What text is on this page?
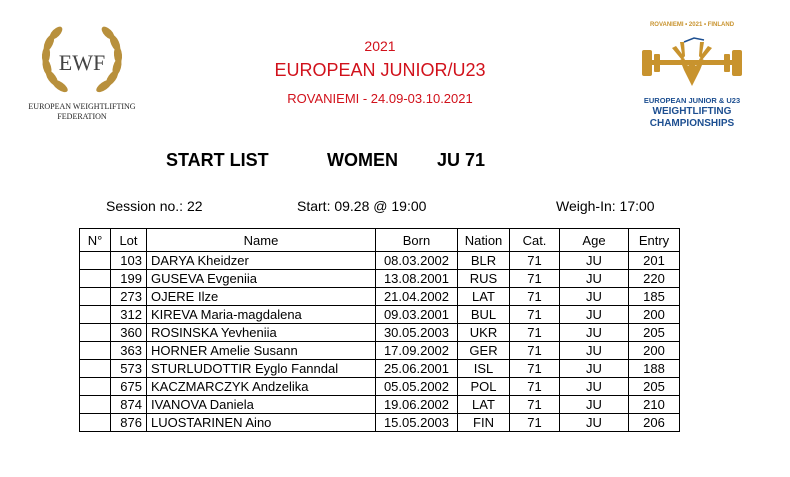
EWF
EUROPEAN WEIGHTLIFTING
FEDERATION
2021
EUROPEAN JUNIOR/U23
ROVANIEMI - 24.09-03.10.2021
ROVANIEMI • 2021 • FINLAND
EUROPEAN JUNIOR & U23
WEIGHTLIFTING
CHAMPIONSHIPS
START LIST	WOMEN JU 71
Session no.: 22	Start: 09.28 @ 19:00	Weigh-In: 17:00
N°	Lot	Name	Born	Nation	Cat.	Age	Entry
	103	DARYA Kheidzer	08.03.2002	BLR	71	JU	201
	199	GUSEVA Evgeniia	13.08.2001	RUS	71	JU	220
	273	OJERE Ilze	21.04.2002	LAT	71	JU	185
	312	KIREVA Maria-magdalena	09.03.2001	BUL	71	JU	200
	360	ROSINSKA Yevheniia	30.05.2003	UKR	71	JU	205
	363	HORNER Amelie Susann	17.09.2002	GER	71	JU	200
	573	STURLUDOTTIR Eyglo Fanndal	25.06.2001	ISL	71	JU	188
	675	KACZMARCZYK Andzelika	05.05.2002	POL	71	JU	205
	874	IVANOVA Daniela	19.06.2002	LAT	71	JU	210
	876	LUOSTARINEN Aino	15.05.2003	FIN	71	JU	206
